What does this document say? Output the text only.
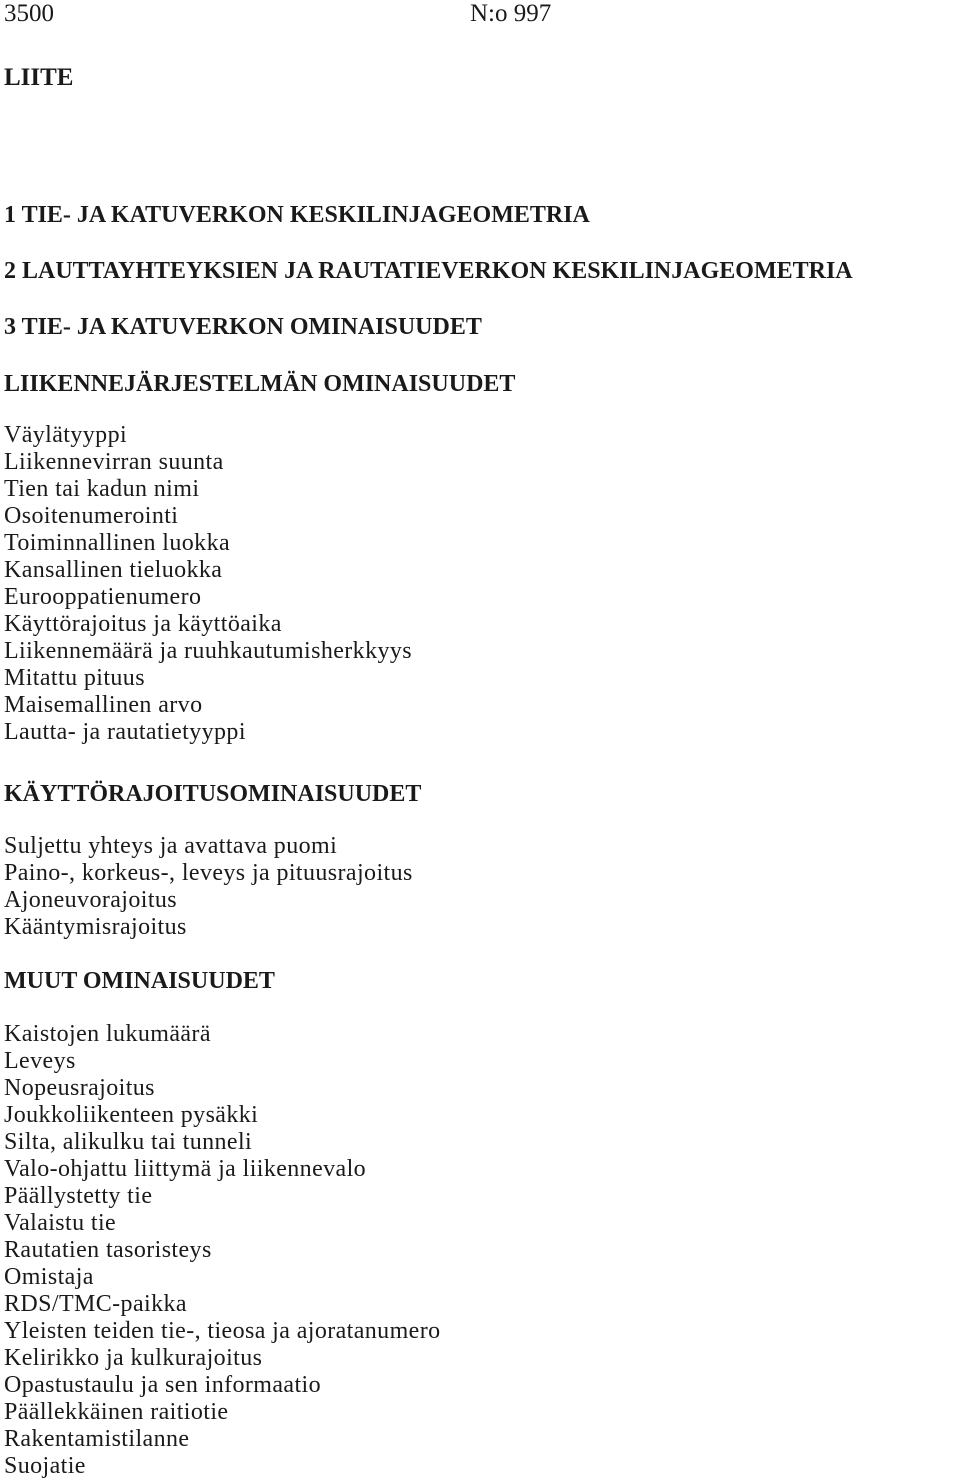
3500	N:o 997
LIITE
1 TIE- JA KATUVERKON KESKILINJAGEOMETRIA
2 LAUTTAYHTEYKSIEN JA RAUTATIEVERKON KESKILINJAGEOMETRIA
3 TIE- JA KATUVERKON OMINAISUUDET
LIIKENNEJÄRJESTELMÄN OMINAISUUDET
Väylätyyppi
Liikennevirran suunta
Tien tai kadun nimi
Osoitenumerointi
Toiminnallinen luokka
Kansallinen tieluokka
Eurooppatienumero
Käyttörajoitus ja käyttöaika
Liikennemäärä ja ruuhkautumisherkkyys
Mitattu pituus
Maisemallinen arvo
Lautta- ja rautatietyyppi
KÄYTTÖRAJOITUSOMINAISUUDET
Suljettu yhteys ja avattava puomi
Paino-, korkeus-, leveys ja pituusrajoitus
Ajoneuvorajoitus
Kääntymisrajoitus
MUUT OMINAISUUDET
Kaistojen lukumäärä
Leveys
Nopeusrajoitus
Joukkoliikenteen pysäkki
Silta, alikulku tai tunneli
Valo-ohjattu liittymä ja liikennevalo
Päällystetty tie
Valaistu tie
Rautatien tasoristeys
Omistaja
RDS/TMC-paikka
Yleisten teiden tie-, tieosa ja ajoratanumero
Kelirikko ja kulkurajoitus
Opastustaulu ja sen informaatio
Päällekkäinen raitiotie
Rakentamistilanne
Suojatie
